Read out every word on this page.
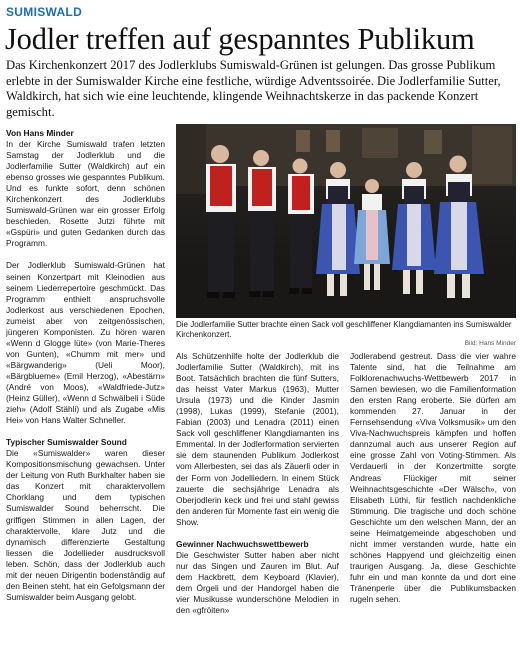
SUMISWALD
Jodler treffen auf gespanntes Publikum

Das Kirchenkonzert 2017 des Jodlerklubs Sumiswald-Grünen ist gelungen. Das grosse Publikum erlebte in der Sumiswalder Kirche eine festliche, würdige Adventssoirée. Die Jodlerfamilie Sutter, Waldkirch, hat sich wie eine leuchtende, klingende Weihnachtskerze in das packende Konzert gemischt.

Von Hans Minder

In der Kirche Sumiswald trafen letzten Samstag der Jodlerklub und die Jodlerfamilie Sutter (Waldkirch) auf ein ebenso grosses wie gespanntes Publikum. Und es funkte sofort, denn schönen Kirchenkonzert des Jodlerklubs Sumiswald-Grünen war ein grosser Erfolg beschieden. Rosette Jutzi führte mit «Gspüri» und guten Gedanken durch das Programm.

Der Jodlerklub Sumiswald-Grünen hat seinen Konzertpart mit Kleinodien aus seinem Liederrepertoire geschmückt. Das Programm enthielt anspruchsvolle Jodlerkost aus verschiedenen Epochen, zumeist aber von zeitgenössischen, jüngeren Komponisten. Zu hören waren «Wenn d Glogge lüte» (von Marie-Theres von Gunten), «Chumm mit mer» und «Bärgwanderig» (Ueli Moor), «Bärgbluemе» (Emil Herzog), «Abestärn» (André von Moos), «Waldfriede-Jutz» (Heinz Güller), «Wenn d Schwälbeli i Süde zieh» (Adolf Stähli) und als Zugabe «Mis Hei» von Hans Walter Schneller.

Typischer Sumiswalder Sound

Die «Sumiswalder» waren dieser Kompositionsmischung gewachsen. Unter der Leitung von Ruth Burkhalter haben sie das Konzert mit charaktervollem Chorklang und dem typischen Sumiswalder Sound beherrscht. Die griffigen Stimmen in allen Lagen, der charaktervolle, klare Jutz und die dynamisch differenzierte Gestaltung liessen die Jodellieder ausdrucksvoll leben. Schön, dass der Jodlerklub auch mit der neuen Dirigentin bodenständig auf den Beinen steht, hat ein Gefolgsmann der Sumiswalder beim Ausgang gelobt.

Die Jodlerfamilie Sutter brachte einen Sack voll geschliffener Klangdiamanten ins Sumiswalder Kirchenkonzert.

Bild: Hans Minder

Als Schützenhilfe holte der Jodlerklub die Jodlerfamilie Sutter (Waldkirch), mit ins Boot. Tatsächlich brachten die fünf Sutters, das heisst Vater Markus (1963), Mutter Ursula (1973) und die Kinder Jasmin (1998), Lukas (1999), Stefanie (2001), Fabian (2003) und Lenadra (2011) einen Sack voll geschliffener Klangdiamanten ins Emmental. In der Jodlerformation servierten sie dem staunenden Publikum Jodlerkost vom Allerbesten, sei das als Zäuerli oder in der Form von Jodelliedern. In einem Stück zauerte die sechsjährige Lenadra als Oberjodlerin keck und frei und stahl gewiss den anderen für Momente fast ein wenig die Show.

Gewinner Nachwuchswettbewerb

Die Geschwister Sutter haben aber nicht nur das Singen und Zauren im Blut. Auf dem Hackbrett, dem Keyboard (Klavier), dem Örgeli und der Handorgel haben die vier Musikusse wunderschöne Melodien in den «gfröiten»

Jodlerabend gestreut. Dass die vier wahre Talente sind, hat die Teilnahme am Folklorenachwuchs-Wettbewerb 2017 in Sarnen bewiesen, wo die Familienformation den ersten Rang eroberte. Sie dürfen am kommenden 27. Januar in der Fernsehsendung «Viva Volksmusik» um den Viva-Nachwuchspreis kämpfen und hoffen dannzumal auch aus unserer Region auf eine grosse Zahl von Voting-Stimmen. Als Verdauerli in der Konzertmitte sorgte Andreas Flückiger mit seiner Weihnachtsgeschichte «Der Wälsch», von Elisabeth Lüthi, für festlich nachdenkliche Stimmung. Die tragische und doch schöne Geschichte um den welschen Mann, der an seine Heimatgemeinde abgeschoben und nicht immer verstanden wurde, hatte ein schönes Happyend und gleichzeitig einen traurigen Ausgang. Ja, diese Geschichte fuhr ein und man konnte da und dort eine Tränenperle über die Publikumsbacken rugeln sehen.
